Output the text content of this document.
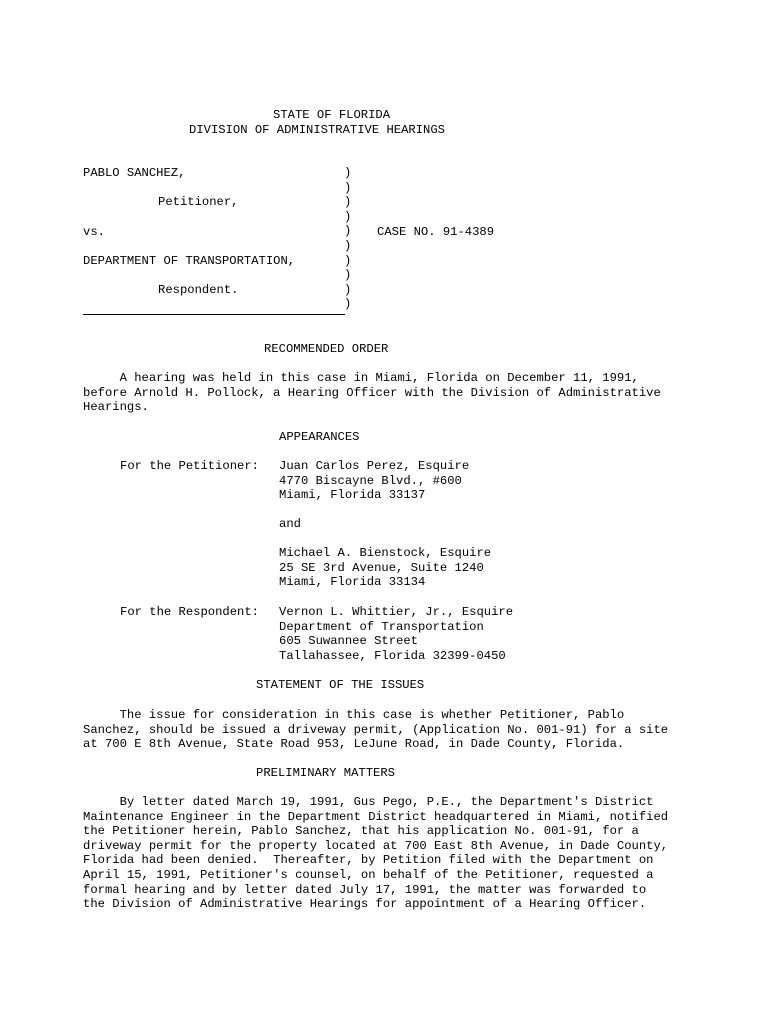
STATE OF FLORIDA
DIVISION OF ADMINISTRATIVE HEARINGS
PABLO SANCHEZ,
Petitioner,
vs.
DEPARTMENT OF TRANSPORTATION,
Respondent.
)
)
)
)
)
)
)
)
)
)
CASE NO. 91-4389
RECOMMENDED ORDER
A hearing was held in this case in Miami, Florida on December 11, 1991,
before Arnold H. Pollock, a Hearing Officer with the Division of Administrative
Hearings.
APPEARANCES
For the Petitioner: Juan Carlos Perez, Esquire
4770 Biscayne Blvd., #600
Miami, Florida 33137
and
Michael A. Bienstock, Esquire
25 SE 3rd Avenue, Suite 1240
Miami, Florida 33134
For the Respondent: Vernon L. Whittier, Jr., Esquire
Department of Transportation
605 Suwannee Street
Tallahassee, Florida 32399-0450
STATEMENT OF THE ISSUES
The issue for consideration in this case is whether Petitioner, Pablo
Sanchez, should be issued a driveway permit, (Application No. 001-91) for a site
at 700 E 8th Avenue, State Road 953, LeJune Road, in Dade County, Florida.
PRELIMINARY MATTERS
By letter dated March 19, 1991, Gus Pego, P.E., the Department's District
Maintenance Engineer in the Department District headquartered in Miami, notified
the Petitioner herein, Pablo Sanchez, that his application No. 001-91, for a
driveway permit for the property located at 700 East 8th Avenue, in Dade County,
Florida had been denied.  Thereafter, by Petition filed with the Department on
April 15, 1991, Petitioner's counsel, on behalf of the Petitioner, requested a
formal hearing and by letter dated July 17, 1991, the matter was forwarded to
the Division of Administrative Hearings for appointment of a Hearing Officer.
